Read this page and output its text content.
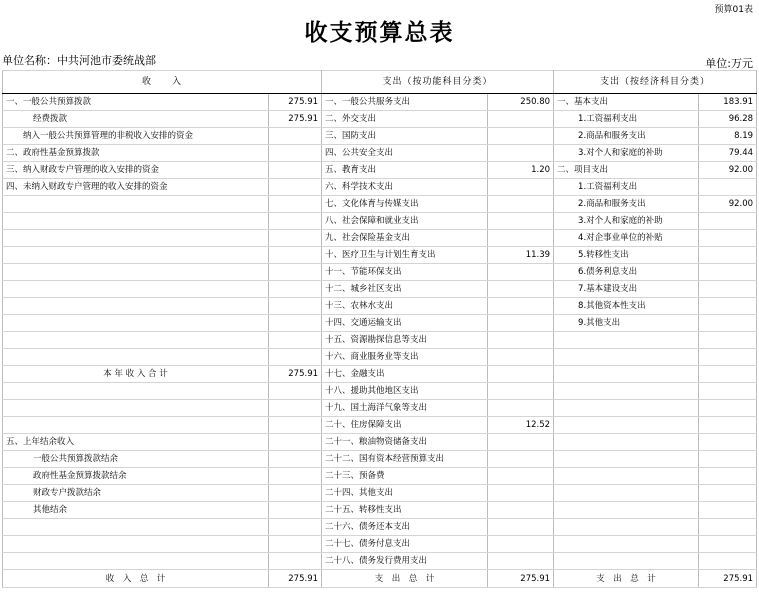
预算01表
收支预算总表
单位名称：中共河池市委统战部	单位:万元
收　　入		支出（按功能科目分类）		支出（按经济科目分类）	
一、一般公共预算拨款	275.91	一、一般公共服务支出	250.80	一、基本支出	183.91
经费拨款	275.91	二、外交支出		1.工资福利支出	96.28
纳入一般公共预算管理的非税收入安排的资金		三、国防支出		2.商品和服务支出	8.19
二、政府性基金预算拨款		四、公共安全支出		3.对个人和家庭的补助	79.44
三、纳入财政专户管理的收入安排的资金		五、教育支出	1.20	二、项目支出	92.00
四、未纳入财政专户管理的收入安排的资金		六、科学技术支出		1.工资福利支出	
		七、文化体育与传媒支出		2.商品和服务支出	92.00
		八、社会保障和就业支出		3.对个人和家庭的补助	
		九、社会保险基金支出		4.对企事业单位的补贴	
		十、医疗卫生与计划生育支出	11.39	5.转移性支出	
		十一、节能环保支出		6.债务利息支出	
		十二、城乡社区支出		7.基本建设支出	
		十三、农林水支出		8.其他资本性支出	
		十四、交通运输支出		9.其他支出	
		十五、资源勘探信息等支出			
		十六、商业服务业等支出			
本 年 收 入 合 计	275.91	十七、金融支出			
		十八、援助其他地区支出			
		十九、国土海洋气象等支出			
		二十、住房保障支出	12.52		
五、上年结余收入		二十一、粮油物资储备支出			
一般公共预算拨款结余		二十二、国有资本经营预算支出			
政府性基金预算拨款结余		二十三、预备费			
财政专户拨款结余		二十四、其他支出			
其他结余		二十五、转移性支出			
		二十六、债务还本支出			
		二十七、债务付息支出			
		二十八、债务发行费用支出			
收　入　总　计	275.91	支　出　总　计	275.91	支　出　总　计	275.91
